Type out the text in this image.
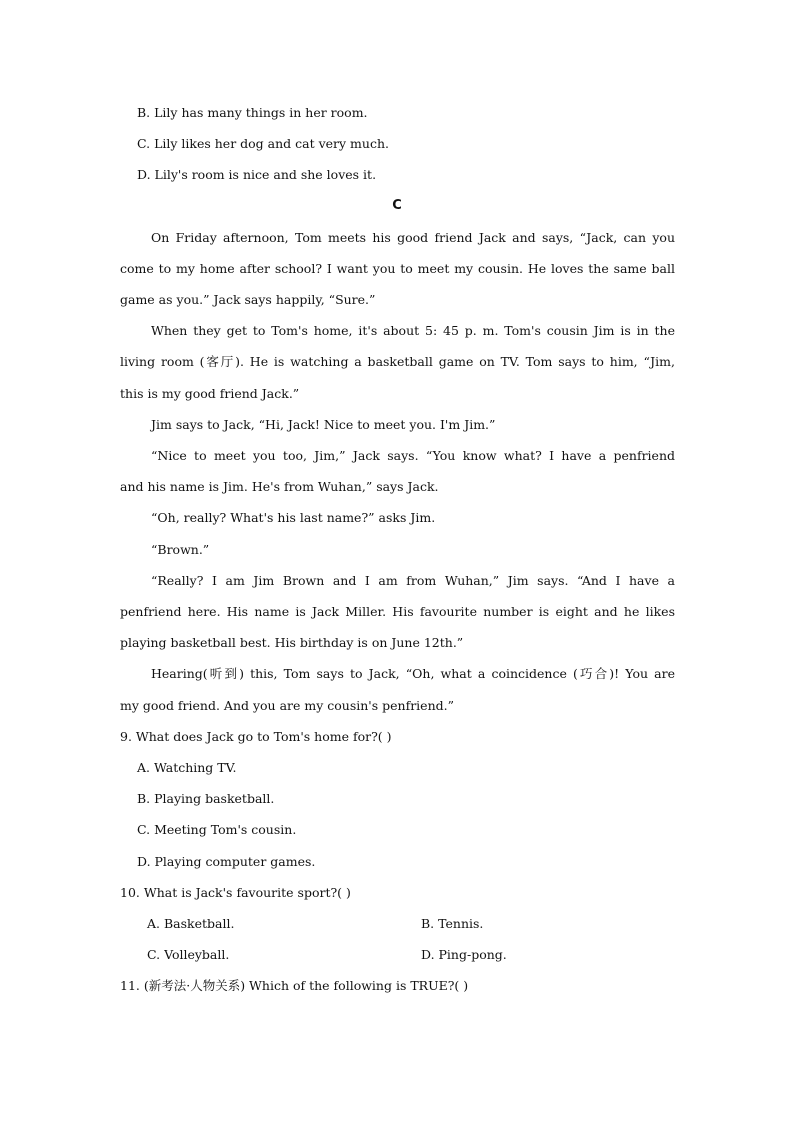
B. Lily has many things in her room.
C. Lily likes her dog and cat very much.
D. Lily's room is nice and she loves it.
C
On Friday afternoon, Tom meets his good friend Jack and says, “Jack, can you
come to my home after school? I want you to meet my cousin. He loves the same ball
game as you.” Jack says happily, “Sure.”
When they get to Tom's home, it's about 5: 45 p. m. Tom's cousin Jim is in the
living room (客厅). He is watching a basketball game on TV. Tom says to him, “Jim,
this is my good friend Jack.”
Jim says to Jack, “Hi, Jack! Nice to meet you. I'm Jim.”
“Nice to meet you too, Jim,” Jack says. “You know what? I have a penfriend
and his name is Jim. He's from Wuhan,” says Jack.
“Oh, really? What's his last name?” asks Jim.
“Brown.”
“Really? I am Jim Brown and I am from Wuhan,” Jim says. “And I have a
penfriend here. His name is Jack Miller. His favourite number is eight and he likes
playing basketball best. His birthday is on June 12th.”
Hearing(听到) this, Tom says to Jack, “Oh, what a coincidence (巧合)! You are
my good friend. And you are my cousin's penfriend.”
9. What does Jack go to Tom's home for?( )
A. Watching TV.
B. Playing basketball.
C. Meeting Tom's cousin.
D. Playing computer games.
10. What is Jack's favourite sport?( )
A. Basketball.	B. Tennis.
C. Volleyball.	D. Ping-pong.
11. (新考法·人物关系) Which of the following is TRUE?( )
